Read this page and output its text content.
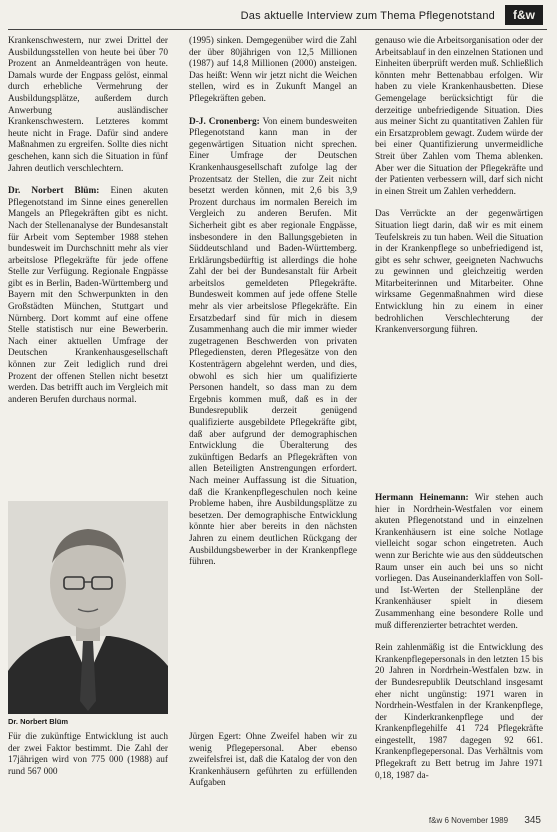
Das aktuelle Interview zum Thema Pflegenotstand	f&w

Krankenschwestern, nur zwei Drittel der Ausbildungsstellen von heute bei über 70 Prozent an Anmeldeanträgen von heute. Damals wurde der Engpass gelöst, einmal durch erhebliche Vermehrung der Ausbildungsplätze, außerdem durch Anwerbung ausländischer Krankenschwestern. Letzteres kommt heute nicht in Frage. Dafür sind andere Maßnahmen zu ergreifen. Sollte dies nicht geschehen, kann sich die Situation in fünf Jahren deutlich verschlechtern.

Dr. Norbert Blüm: Einen akuten Pflegenotstand im Sinne eines generellen Mangels an Pflegekräften gibt es nicht. Nach der Stellenanalyse der Bundesanstalt für Arbeit vom September 1988 stehen bundesweit im Durchschnitt mehr als vier arbeitslose Pflegekräfte für jede offene Stelle zur Verfügung. Regionale Engpässe gibt es in Berlin, Baden-Württemberg und Bayern mit den Schwerpunkten in den Großstädten München, Stuttgart und Nürnberg. Dort kommt auf eine offene Stelle statistisch nur eine Bewerberin. Nach einer aktuellen Umfrage der Deutschen Krankenhausgesellschaft können zur Zeit lediglich rund drei Prozent der offenen Stellen nicht besetzt werden. Das betrifft auch im Vergleich mit anderen Berufen durchaus normal.

Dr. Norbert Blüm

Für die zukünftige Entwicklung ist auch der zwei Faktor bestimmt. Die Zahl der 17jährigen wird von 775 000 (1988) auf rund 567 000

(1995) sinken. Demgegenüber wird die Zahl der über 80jährigen von 12,5 Millionen (1987) auf 14,8 Millionen (2000) ansteigen. Das heißt: Wenn wir jetzt nicht die Weichen stellen, wird es in Zukunft Mangel an Pflegekräften geben.

D-J. Cronenberg: Von einem bundesweiten Pflegenotstand kann man in der gegenwärtigen Situation nicht sprechen. Einer Umfrage der Deutschen Krankenhausgesellschaft zufolge lag der Prozentsatz der Stellen, die zur Zeit nicht besetzt werden können, mit 2,6 bis 3,9 Prozent durchaus im normalen Bereich im Vergleich zu anderen Berufen. Mit Sicherheit gibt es aber regionale Engpässe, insbesondere in den Ballungsgebieten in Süddeutschland und Baden-Württemberg. Erklärungsbedürftig ist allerdings die hohe Zahl der bei der Bundesanstalt für Arbeit arbeitslos gemeldeten Pflegekräfte. Bundesweit kommen auf jede offene Stelle mehr als vier arbeitslose Pflegekräfte. Ein Ersatzbedarf sind für mich in diesem Zusammenhang auch die mir immer wieder zugetragenen Beschwerden von privaten Pflegediensten, deren Pflegesätze von den Kostenträgern abgelehnt werden, und dies, obwohl es sich hier um qualifizierte Personen handelt, so dass man zu dem Ergebnis kommen muß, daß es in der Bundesrepublik derzeit genügend qualifizierte ausgebildete Pflegekräfte gibt, daß aber aufgrund der demographischen Entwicklung die Überalterung des zukünftigen Bedarfs an Pflegekräften von allen Beteiligten Anstrengungen erfordert. Nach meiner Auffassung ist die Situation, daß die Krankenpflegeschulen noch keine Probleme haben, ihre Ausbildungsplätze zu besetzen. Der demographische Entwicklung könnte hier aber bereits in den nächsten Jahren zu einem deutlichen Rückgang der Ausbildungsbewerber in der Krankenpflege führen.

Jürgen Egert: Ohne Zweifel haben wir zu wenig Pflegepersonal. Aber ebenso zweifelsfrei ist, daß die Katalog der von den Krankenhäusern geführten zu erfüllenden Aufgaben

genauso wie die Arbeitsorganisation oder der Arbeitsablauf in den einzelnen Stationen und Einheiten überprüft werden muß. Schließlich könnten mehr Bettenabbau erfolgen. Wir haben zu viele Krankenhausbetten. Diese Gemengelage berücksichtigt für die derzeitige unbefriedigende Situation. Dies aus meiner Sicht zu quantitativen Zahlen für ein Ersatzproblem gewagt. Zudem würde der bei einer Quantifizierung unvermeidliche Streit über Zahlen vom Thema ablenken. Aber wer die Situation der Pflegekräfte und der Patienten verbessern will, darf sich nicht in einen Streit um Zahlen verheddern.

Das Verrückte an der gegenwärtigen Situation liegt darin, daß wir es mit einem Teufelskreis zu tun haben. Weil die Situation in der Krankenpflege so unbefriedigend ist, gibt es sehr schwer, geeigneten Nachwuchs zu gewinnen und gleichzeitig werden Mitarbeiterinnen und Mitarbeiter. Ohne wirksame Gegenmaßnahmen wird diese Entwicklung hin zu einem in einer bedrohlichen Verschlechterung der Krankenversorgung führen.

Hermann Heinemann: Wir stehen auch hier in Nordrhein-Westfalen vor einem akuten Pflegenotstand und in einzelnen Krankenhäusern ist eine solche Notlage vielleicht sogar schon eingetreten. Auch wenn zur Berichte wie aus den süddeutschen Raum unser ein auch bei uns so nicht vorliegen. Das Auseinanderklaffen von Soll- und Ist-Werten der Stellenpläne der Krankenhäuser spielt in diesem Zusammenhang eine besondere Rolle und muß differenzierter betrachtet werden.

Rein zahlenmäßig ist die Entwicklung des Krankenpflegepersonals in den letzten 15 bis 20 Jahren in Nordrhein-Westfalen bzw. in der Bundesrepublik Deutschland insgesamt eher nicht ungünstig: 1971 waren in Nordrhein-Westfalen in der Krankenpflege, der Kinderkrankenpflege und der Krankenpflegehilfe 41 724 Pflegekräfte eingestellt, 1987 dagegen 92 661. Krankenpflegepersonal. Das Verhältnis vom Pflegekraft zu Bett betrug im Jahre 1971 0,18, 1987 da-

f&w 6 November 1989 345
